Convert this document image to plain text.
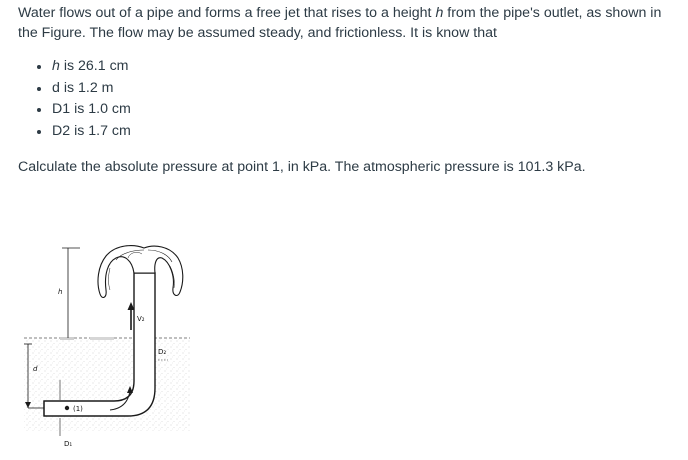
Water flows out of a pipe and forms a free jet that rises to a height h from the pipe's outlet, as shown in the Figure. The flow may be assumed steady, and frictionless. It is know that

h is 26.1 cm
d is 1.2 m
D1 is 1.0 cm
D2 is 1.7 cm

Calculate the absolute pressure at point 1, in kPa. The atmospheric pressure is 101.3 kPa.

h
d
V₂
D₂
(1)
D₁
